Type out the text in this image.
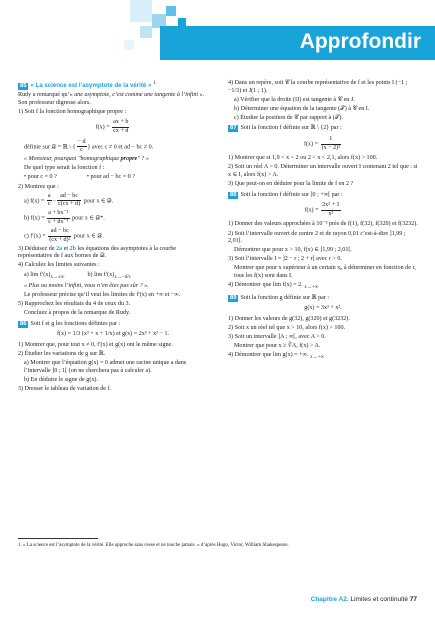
Approfondir
85 « La science est l’asymptote de la vérité » $^1$
Rudy a remarqué qu’« une asymptote, c’est comme une tangente à l’infini ». Son professeur digresse alors.
1) Soit f la fonction homographique propre :
$f(x) = \frac{ax + b}{cx + d}$
définie sur 𝒟 = ℝ \ { $\frac{- d}{c}$ } avec c ≠ 0 et ad − bc ≠ 0.
« Monsieur, pourquoi "homographique propre" ? »
De quel type serait la fonction f :
• pour c = 0 ?	• pour ad − bc = 0 ?
2) Montrez que :
a) $f(x) = \frac{a}{c} - \frac{ad - bc}{c(cx + d)}$ pour x ∈ 𝒟.
b) $f(x) = \frac{\text{a + bx⁻¹}}{\text{c + dx⁻¹}}$ pour x ∈ 𝒟*.
c) $f'(x) = \frac{ad - bc}{\text{(cx + d)²}}$ pour x ∈ 𝒟.
3) Déduisez de 2a et 2b les équations des asymptotes à la courbe représentative de f aux bornes de 𝒟.
4) Calculez les limites suivantes :
a) $\lim f'(x)_{x\to\pm\infty}$	b) $\lim f'(x)_{x\to-d/c}$
« Plus ou moins l’infini, vous n’en êtes pas sûr ? ».
Le professeur précise qu’il veut les limites de f′(x) en +∞ et −∞.
5) Rapprochez les résultats du 4 de ceux du 3.
Concluez à propos de la remarque de Rudy.
86 Soit f et g les fonctions définies par :
f(x) = 1/3 (x² + x + 1/x) et g(x) = 2x³ + x² − 1.
1) Montrer que, pour tout x ≠ 0, f′(x) et g(x) ont le même signe.
2) Étudier les variations de g sur ℝ.
a) Montrer que l’équation g(x) = 0 admet une racine unique a dans l’intervalle ]0 ; 1[ (on ne cherchera pas à calculer a).
b) En déduire le signe de g(x).
3) Dresser le tableau de variation de f.
4) Dans un repère, soit 𝒞 la courbe représentative de f et les points I (−1 ; −1/3) et J(1 ; 1).
a) Vérifier que la droite (IJ) est tangente à 𝒞 en J.
b) Déterminer une équation de la tangente (𝒯) à 𝒞 en I.
c) Étudier la position de 𝒞 par rapport à (𝒯).
87 Soit la fonction f définie sur ℝ \ {2} par :
$f(x) = \frac{1}{\text{(x − 2)²}}$
1) Montrer que si 1,9 < x < 2 ou 2 < x < 2,1, alors f(x) > 100.
2) Soit un réel A > 0. Déterminer un intervalle ouvert I contenant 2 tel que : si x ∈ I, alors f(x) > A.
3) Que peut-on en déduire pour la limite de f en 2 ?
88 Soit la fonction f définie sur ]0 ; +∞[ par :
$f(x) = \frac{\text{2x² + 1}}{\text{x²}}$
1) Donner des valeurs approchées à 10⁻³ près de f(1), f(32), f(320) et f(3232).
2) Soit l’intervalle ouvert de centre 2 et de rayon 0,01 c’est-à-dire ]1,99 ; 2,01[.
Démontrer que pour x > 10, f(x) ∈ ]1,99 ; 2,01[.
3) Soit l’intervalle I = ]2 − r ; 2 + r[ avec r > 0.
Montrer que pour x supérieur à un certain x₀ à déterminer en fonction de r, tous les f(x) sont dans I.
4) Démontrer que lim f(x) = 2. $_{x\to+\infty}$
89 Soit la fonction g définie sur ℝ par :
g(x) = 3x³ + x².
1) Donner les valeurs de g(32), g(320) et g(3232).
2) Soit x un réel tel que x > 10, alors f(x) > 100.
3) Soit un intervalle ]A ; ∞[, avec A > 0.
Montrer que pour x ≥ ∛A, f(x) > A.
4) Démontrer que lim g(x) = +∞. $_{x\to+\infty}$
1. « La science est l’asymptote de la vérité. Elle approche sans cesse et ne touche jamais. » d’après Hugo, Victor, William Shakespeare.
Chapitre A2. Limites et continuité 77
